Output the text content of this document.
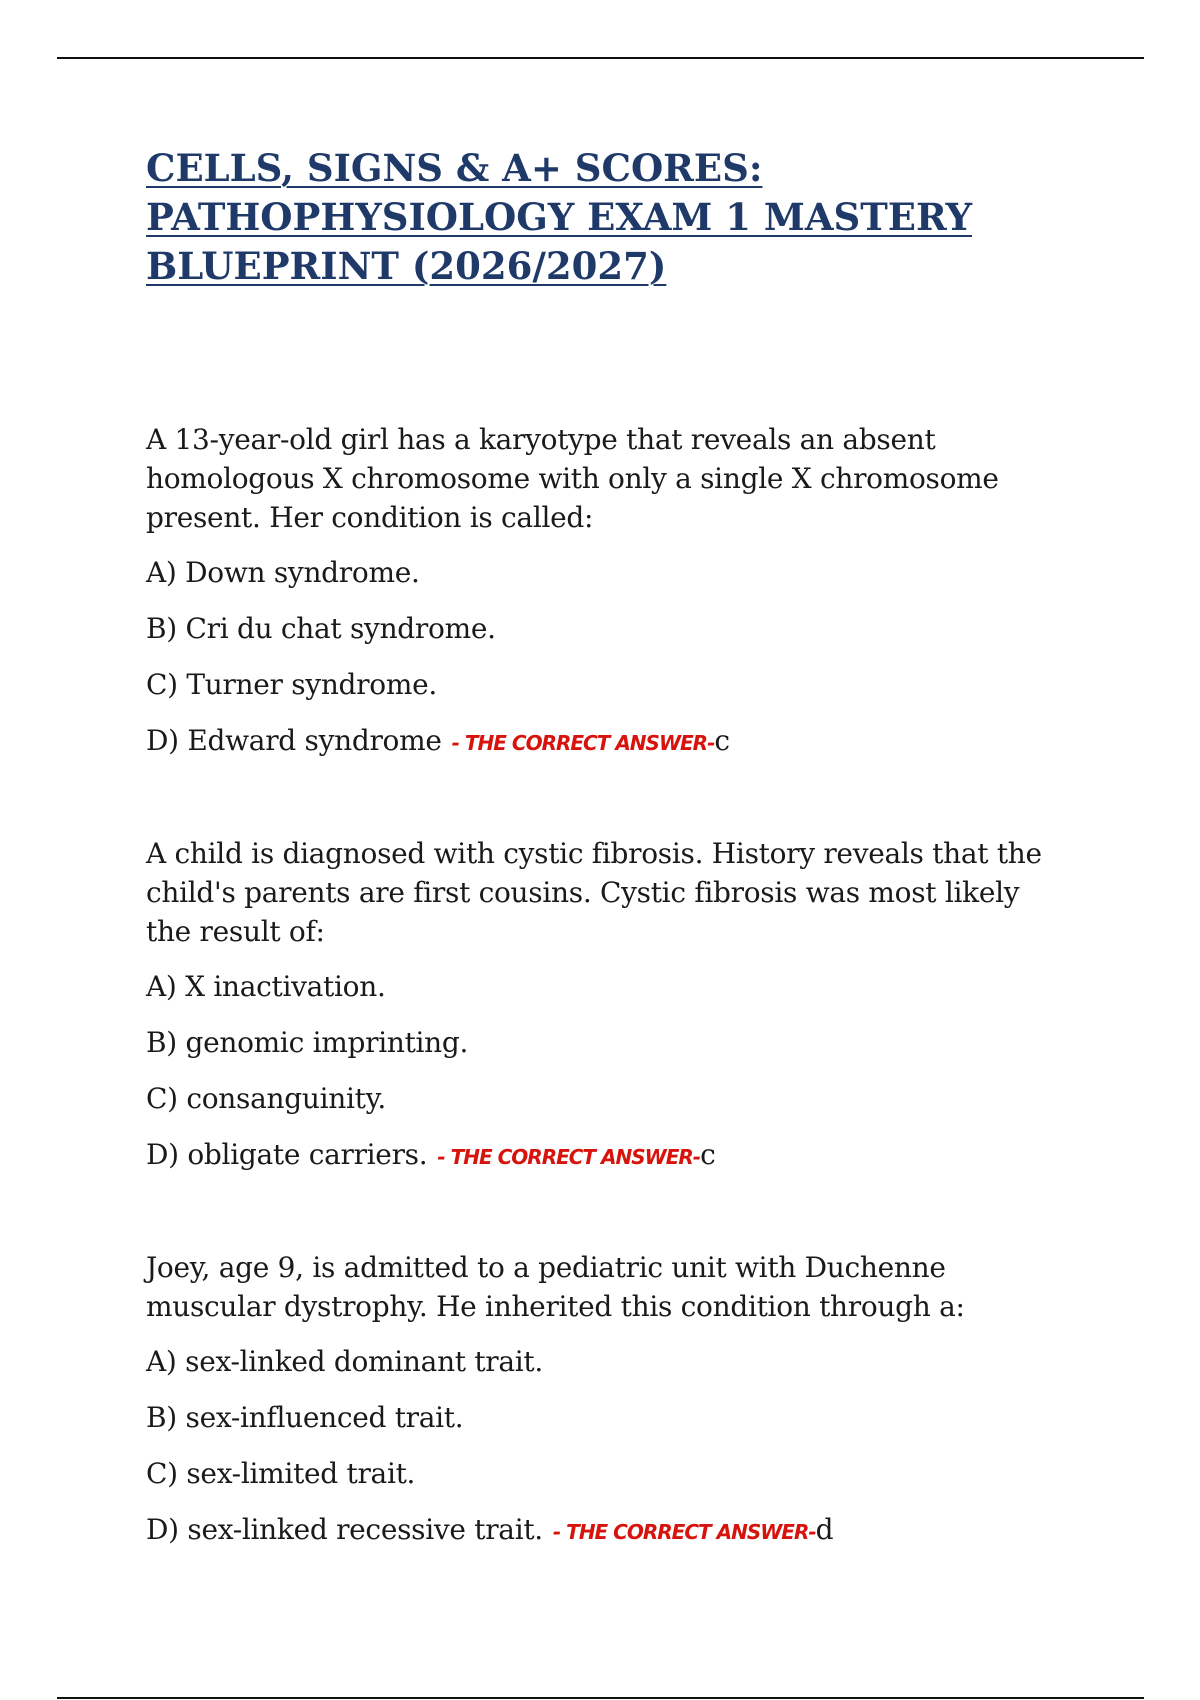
CELLS, SIGNS & A+ SCORES:
PATHOPHYSIOLOGY EXAM 1 MASTERY
BLUEPRINT (2026/2027)

A 13-year-old girl has a karyotype that reveals an absent
homologous X chromosome with only a single X chromosome
present. Her condition is called:

A) Down syndrome.
B) Cri du chat syndrome.
C) Turner syndrome.
D) Edward syndrome - THE CORRECT ANSWER-c

A child is diagnosed with cystic fibrosis. History reveals that the
child's parents are first cousins. Cystic fibrosis was most likely
the result of:

A) X inactivation.
B) genomic imprinting.
C) consanguinity.
D) obligate carriers. - THE CORRECT ANSWER-c

Joey, age 9, is admitted to a pediatric unit with Duchenne
muscular dystrophy. He inherited this condition through a:

A) sex-linked dominant trait.
B) sex-influenced trait.
C) sex-limited trait.
D) sex-linked recessive trait. - THE CORRECT ANSWER-d
